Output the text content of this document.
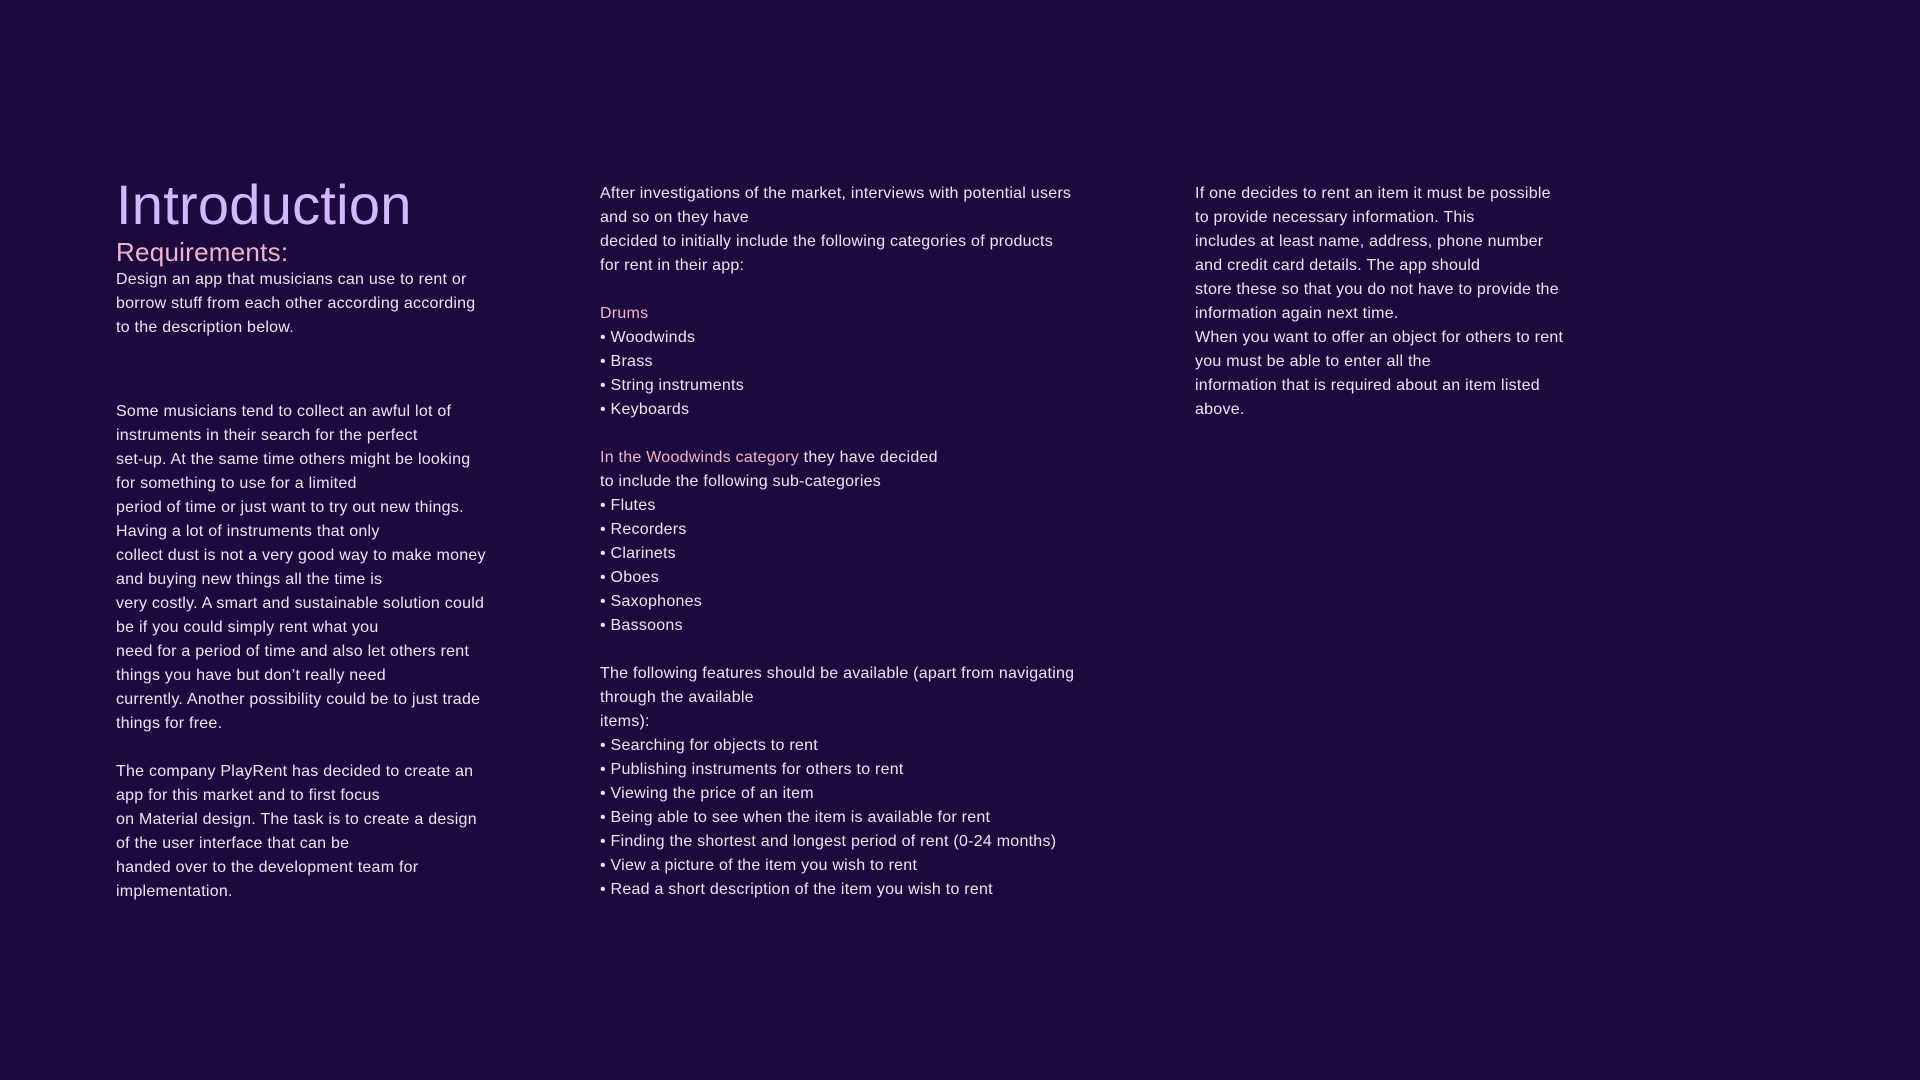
Introduction
Requirements:

Design an app that musicians can use to rent or

borrow stuff from each other according according

to the description below.

Some musicians tend to collect an awful lot of

instruments in their search for the perfect

set-up. At the same time others might be looking

for something to use for a limited

period of time or just want to try out new things.

Having a lot of instruments that only

collect dust is not a very good way to make money

and buying new things all the time is

very costly. A smart and sustainable solution could

be if you could simply rent what you

need for a period of time and also let others rent

things you have but don’t really need

currently. Another possibility could be to just trade

things for free.

The company PlayRent has decided to create an

app for this market and to first focus

on Material design. The task is to create a design

of the user interface that can be

handed over to the development team for

implementation.

After investigations of the market, interviews with potential users

and so on they have

decided to initially include the following categories of products

for rent in their app:

Drums

• Woodwinds

• Brass

• String instruments

• Keyboards

In the Woodwinds category they have decided

to include the following sub-categories

• Flutes

• Recorders

• Clarinets

• Oboes

• Saxophones

• Bassoons

The following features should be available (apart from navigating

through the available

items):

• Searching for objects to rent

• Publishing instruments for others to rent

• Viewing the price of an item

• Being able to see when the item is available for rent

• Finding the shortest and longest period of rent (0-24 months)

• View a picture of the item you wish to rent

• Read a short description of the item you wish to rent

If one decides to rent an item it must be possible

to provide necessary information. This

includes at least name, address, phone number

and credit card details. The app should

store these so that you do not have to provide the

information again next time.

When you want to offer an object for others to rent

you must be able to enter all the

information that is required about an item listed

above.
